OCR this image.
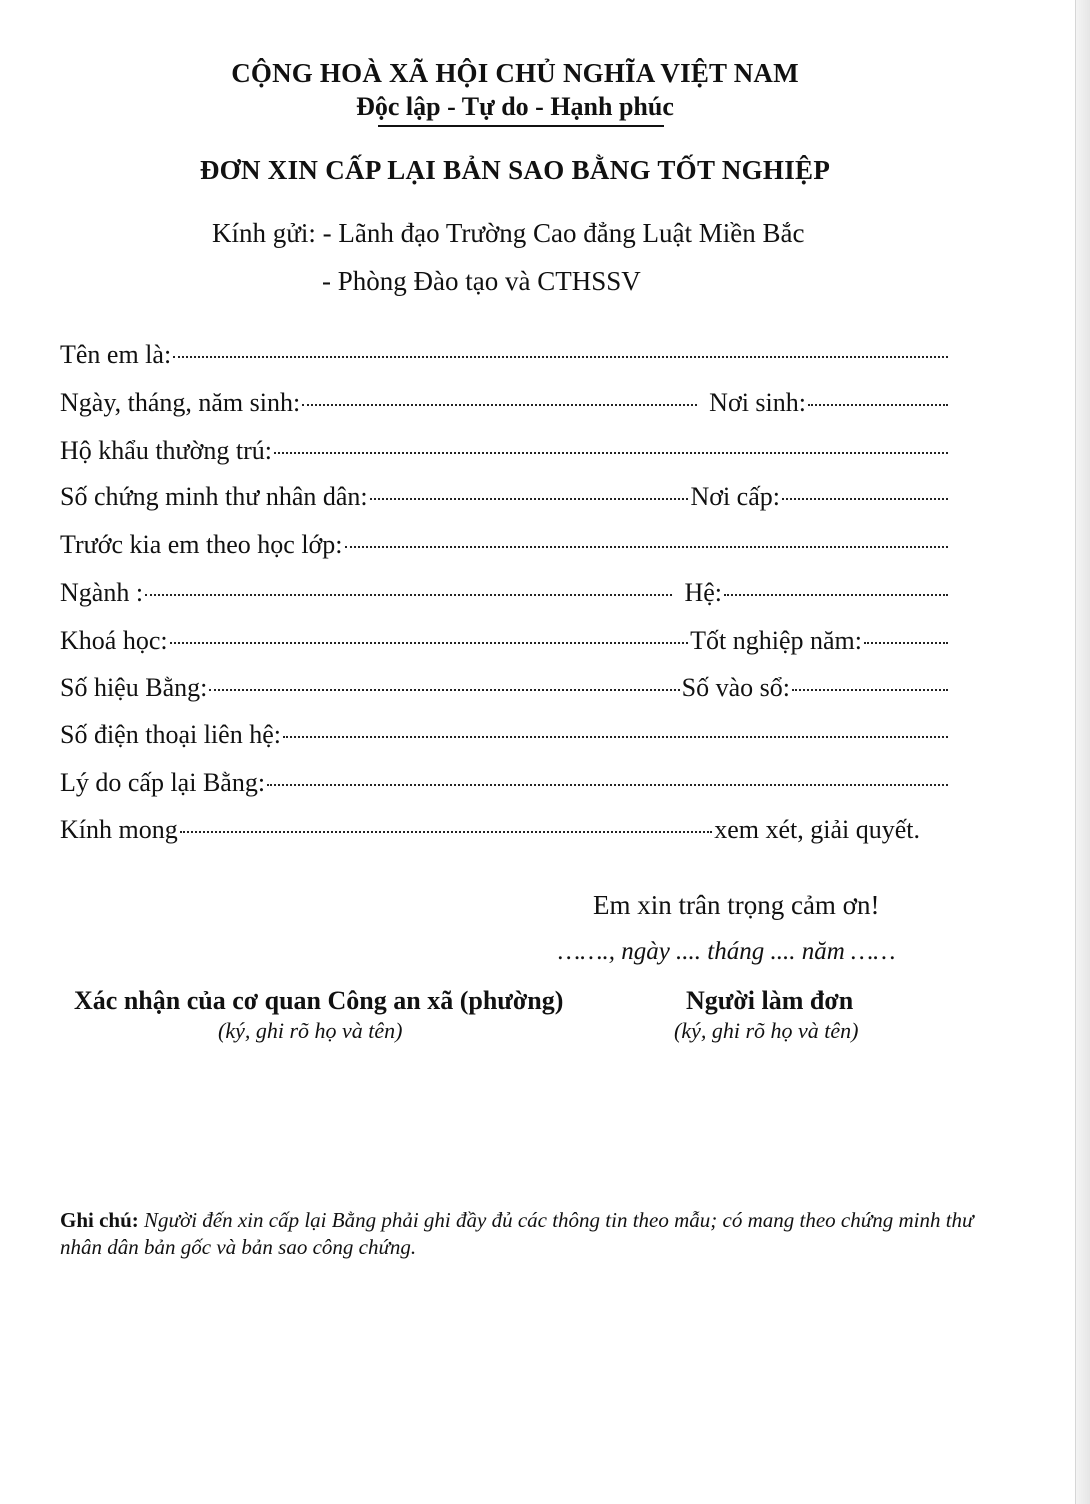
CỘNG HOÀ XÃ HỘI CHỦ NGHĨA VIỆT NAM
Độc lập - Tự do - Hạnh phúc
ĐƠN XIN CẤP LẠI BẢN SAO BẰNG TỐT NGHIỆP
Kính gửi: - Lãnh đạo Trường Cao đẳng Luật Miền Bắc
- Phòng Đào tạo và CTHSSV
Tên em là:
Ngày, tháng, năm sinh:	Nơi sinh:
Hộ khẩu thường trú:
Số chứng minh thư nhân dân:	Nơi cấp:
Trước kia em theo học lớp:
Ngành :	Hệ:
Khoá học:	Tốt nghiệp năm:
Số hiệu Bằng:	Số vào sổ:
Số điện thoại liên hệ:
Lý do cấp lại Bằng:
Kính mong	xem xét, giải quyết.
Em xin trân trọng cảm ơn!
……., ngày .... tháng .... năm ……
Xác nhận của cơ quan Công an xã (phường)
(ký, ghi rõ họ và tên)
Người làm đơn
(ký, ghi rõ họ và tên)
Ghi chú: Người đến xin cấp lại Bằng phải ghi đầy đủ các thông tin theo mẫu; có mang theo chứng minh thư nhân dân bản gốc và bản sao công chứng.
